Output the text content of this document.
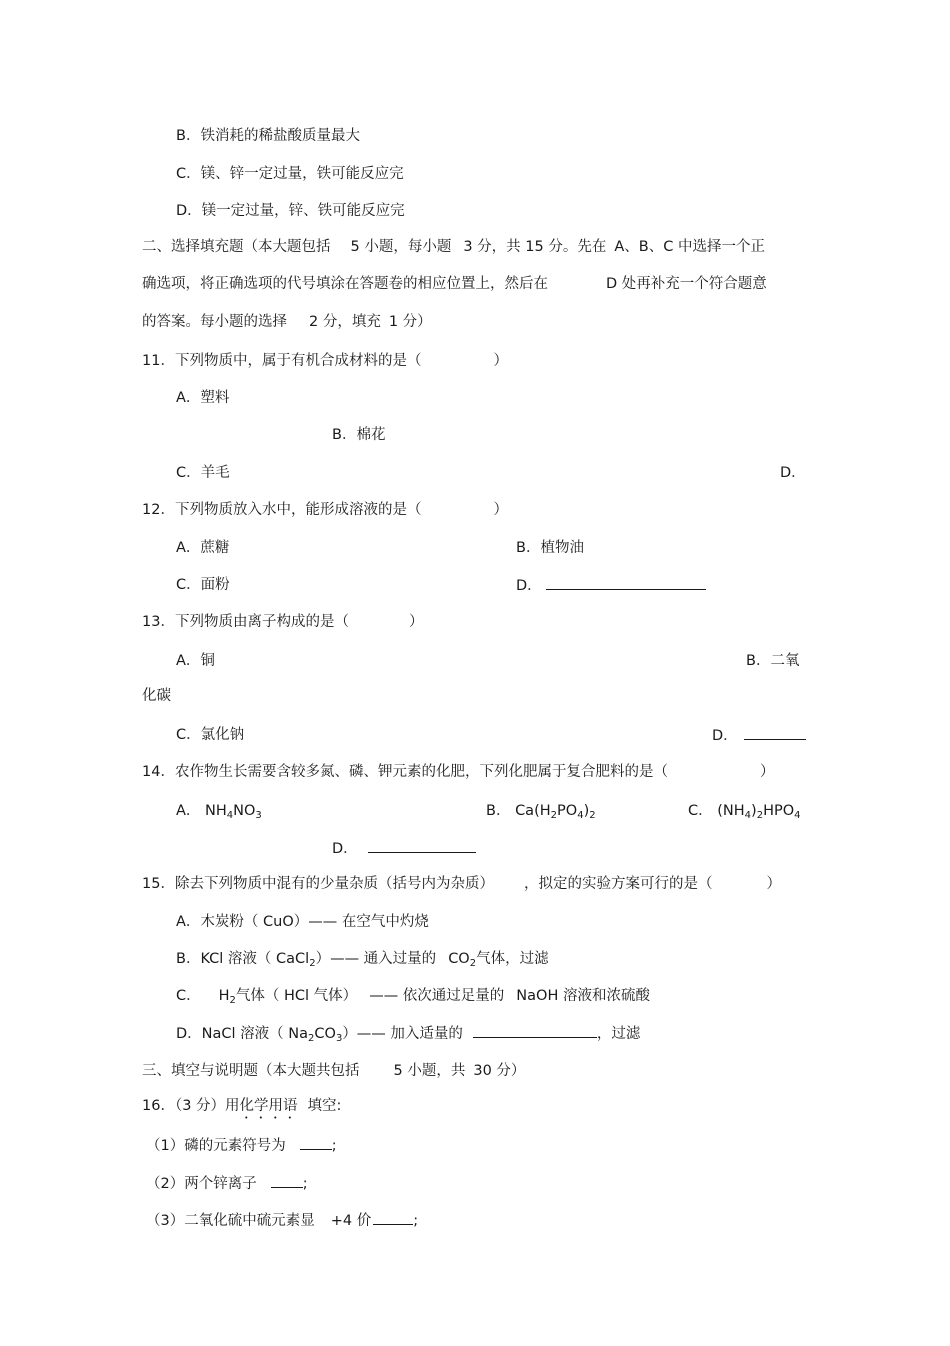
B．铁消耗的稀盐酸质量最大
C．镁、锌一定过量，铁可能反应完
D．镁一定过量，锌、铁可能反应完
二、选择填充题（本大题包括 5 小题，每小题 3 分，共 15 分。先在 A、B、C 中选择一个正
确选项，将正确选项的代号填涂在答题卷的相应位置上，然后在	D 处再补充一个符合题意
的答案。每小题的选择 2 分，填充 1 分）
11．下列物质中，属于有机合成材料的是（	）
A．塑料
B．棉花
C．羊毛	D．
12．下列物质放入水中，能形成溶液的是（	）
A．蔗糖	B．植物油
C．面粉	D．
13．下列物质由离子构成的是（	）
A．铜	B．二氧
化碳
C．氯化钠	D．
14．农作物生长需要含较多氮、磷、钾元素的化肥，下列化肥属于复合肥料的是（	）
A． $NH_4NO_3$	B． $Ca(H_2PO_4)_2$	C． $(NH_4)_2HPO_4$
D．
15．除去下列物质中混有的少量杂质（括号内为杂质） ，拟定的实验方案可行的是（	）
A．木炭粉（ CuO）—— 在空气中灼烧
B．KCl 溶液（ CaCl$_2$）—— 通入过量的 $CO_2$气体，过滤
C． $H_2$气体（ HCl 气体） —— 依次通过足量的 NaOH 溶液和浓硫酸
D．NaCl 溶液（ $Na_2CO_3)——$ 加入适量的	，过滤
三、填空与说明题（本大题共包括 5 小题，共 30 分）
16．（3 分）用化学用语 填空:
（1）磷的元素符号为	;
（2）两个锌离子	;
（3）二氧化硫中硫元素显 +4 价	;
